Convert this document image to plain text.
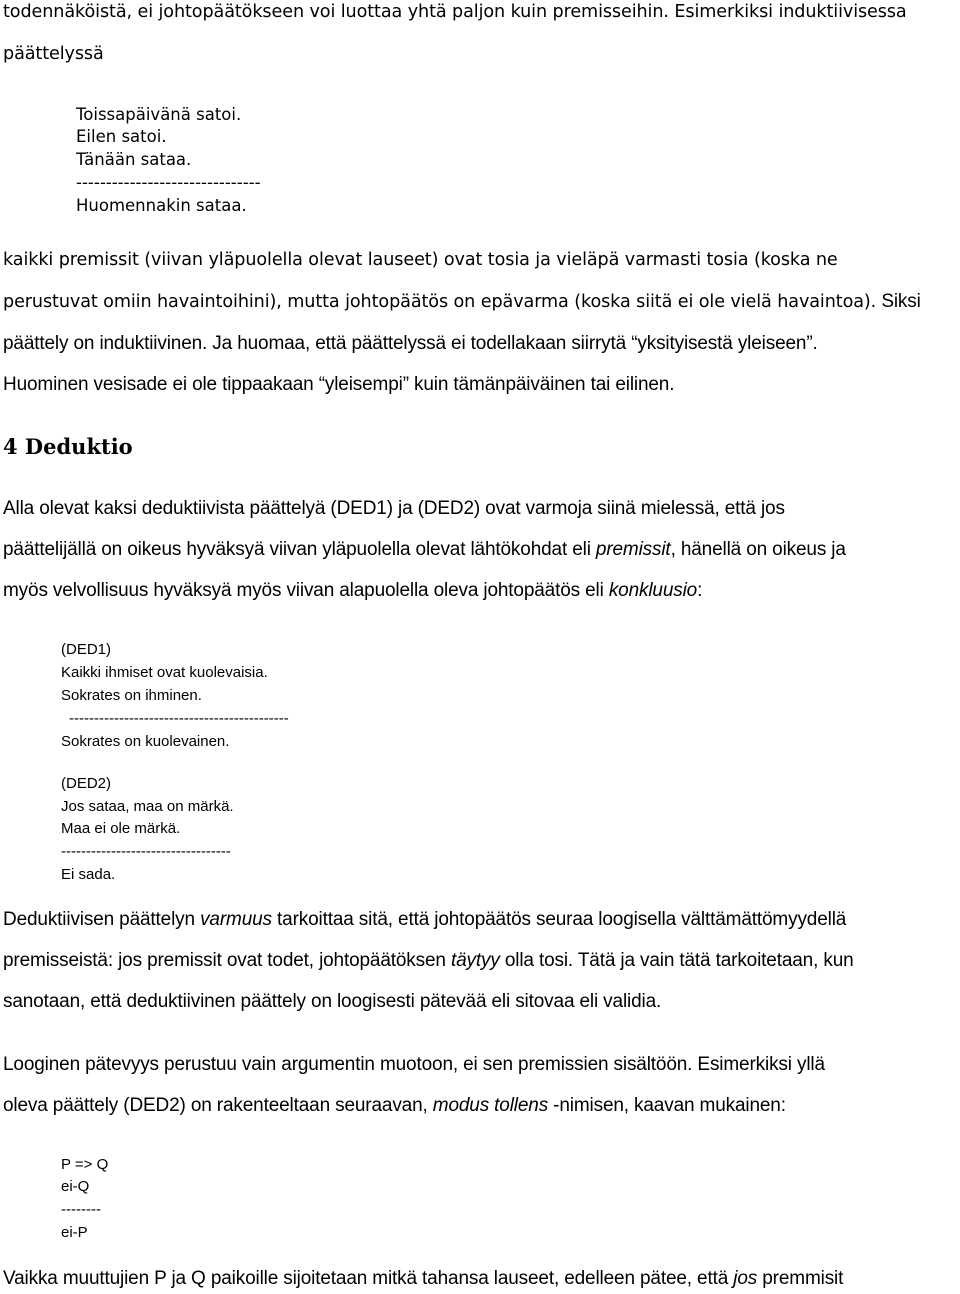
todennäköistä, ei johtopäätökseen voi luottaa yhtä paljon kuin premisseihin. Esimerkiksi induktiivisessa
päättelyssä
Toissapäivänä satoi.
Eilen satoi.
Tänään sataa.
-------------------------------
Huomennakin sataa.
kaikki premissit (viivan yläpuolella olevat lauseet) ovat tosia ja vieläpä varmasti tosia (koska ne
perustuvat omiin havaintoihini), mutta johtopäätös on epävarma (koska siitä ei ole vielä havaintoa). Siksi
päättely on induktiivinen. Ja huomaa, että päättelyssä ei todellakaan siirrytä “yksityisestä yleiseen”.
Huominen vesisade ei ole tippaakaan “yleisempi” kuin tämänpäiväinen tai eilinen.
4 Deduktio
Alla olevat kaksi deduktiivista päättelyä (DED1) ja (DED2) ovat varmoja siinä mielessä, että jos
päättelijällä on oikeus hyväksyä viivan yläpuolella olevat lähtökohdat eli premissit, hänellä on oikeus ja
myös velvollisuus hyväksyä myös viivan alapuolella oleva johtopäätös eli konkluusio:
(DED1)
Kaikki ihmiset ovat kuolevaisia.
Sokrates on ihminen.
--------------------------------------------
Sokrates on kuolevainen.
(DED2)
Jos sataa, maa on märkä.
Maa ei ole märkä.
----------------------------------
Ei sada.
Deduktiivisen päättelyn varmuus tarkoittaa sitä, että johtopäätös seuraa loogisella välttämättömyydellä
premisseistä: jos premissit ovat todet, johtopäätöksen täytyy olla tosi. Tätä ja vain tätä tarkoitetaan, kun
sanotaan, että deduktiivinen päättely on loogisesti pätevää eli sitovaa eli validia.
Looginen pätevyys perustuu vain argumentin muotoon, ei sen premissien sisältöön. Esimerkiksi yllä
oleva päättely (DED2) on rakenteeltaan seuraavan, modus tollens -nimisen, kaavan mukainen:
P => Q
ei-Q
--------
ei-P
Vaikka muuttujien P ja Q paikoille sijoitetaan mitkä tahansa lauseet, edelleen pätee, että jos premmisit
